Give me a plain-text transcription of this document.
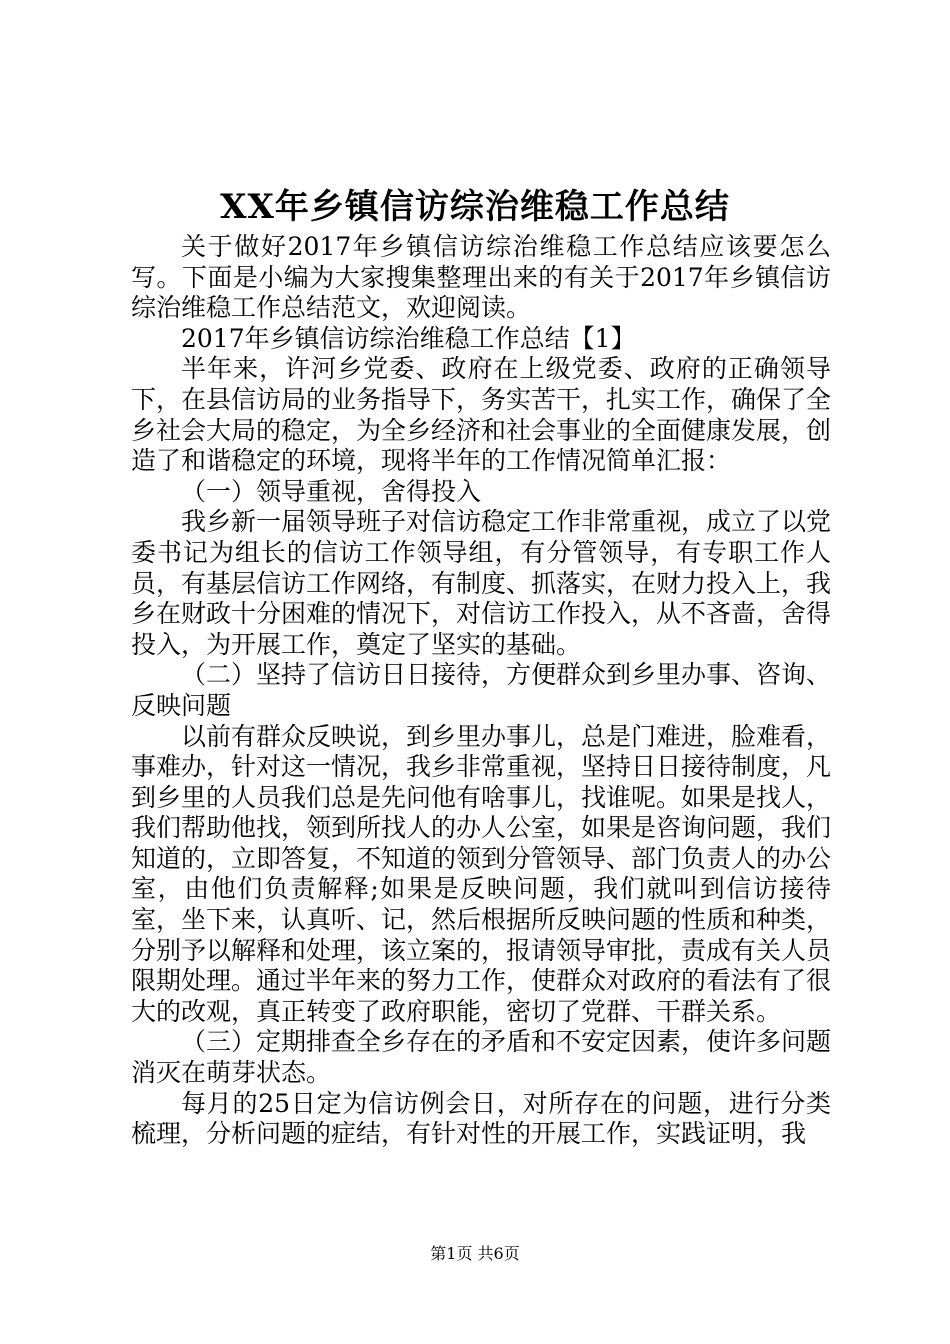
XX年乡镇信访综治维稳工作总结

关于做好2017年乡镇信访综治维稳工作总结应该要怎么写。下面是小编为大家搜集整理出来的有关于2017年乡镇信访综治维稳工作总结范文，欢迎阅读。

2017年乡镇信访综治维稳工作总结【1】

半年来，许河乡党委、政府在上级党委、政府的正确领导下，在县信访局的业务指导下，务实苦干，扎实工作，确保了全乡社会大局的稳定，为全乡经济和社会事业的全面健康发展，创造了和谐稳定的环境，现将半年的工作情况简单汇报：

（一）领导重视，舍得投入

我乡新一届领导班子对信访稳定工作非常重视，成立了以党委书记为组长的信访工作领导组，有分管领导，有专职工作人员，有基层信访工作网络，有制度、抓落实，在财力投入上，我乡在财政十分困难的情况下，对信访工作投入，从不吝啬，舍得投入，为开展工作，奠定了坚实的基础。

（二）坚持了信访日日接待，方便群众到乡里办事、咨询、反映问题

以前有群众反映说，到乡里办事儿，总是门难进，脸难看，事难办，针对这一情况，我乡非常重视，坚持日日接待制度，凡到乡里的人员我们总是先问他有啥事儿，找谁呢。如果是找人，我们帮助他找，领到所找人的办人公室，如果是咨询问题，我们知道的，立即答复，不知道的领到分管领导、部门负责人的办公室，由他们负责解释;如果是反映问题，我们就叫到信访接待室，坐下来，认真听、记，然后根据所反映问题的性质和种类，分别予以解释和处理，该立案的，报请领导审批，责成有关人员限期处理。通过半年来的努力工作，使群众对政府的看法有了很大的改观，真正转变了政府职能，密切了党群、干群关系。

（三）定期排查全乡存在的矛盾和不安定因素，使许多问题消灭在萌芽状态。

每月的25日定为信访例会日，对所存在的问题，进行分类梳理，分析问题的症结，有针对性的开展工作，实践证明，我

第1页 共6页
